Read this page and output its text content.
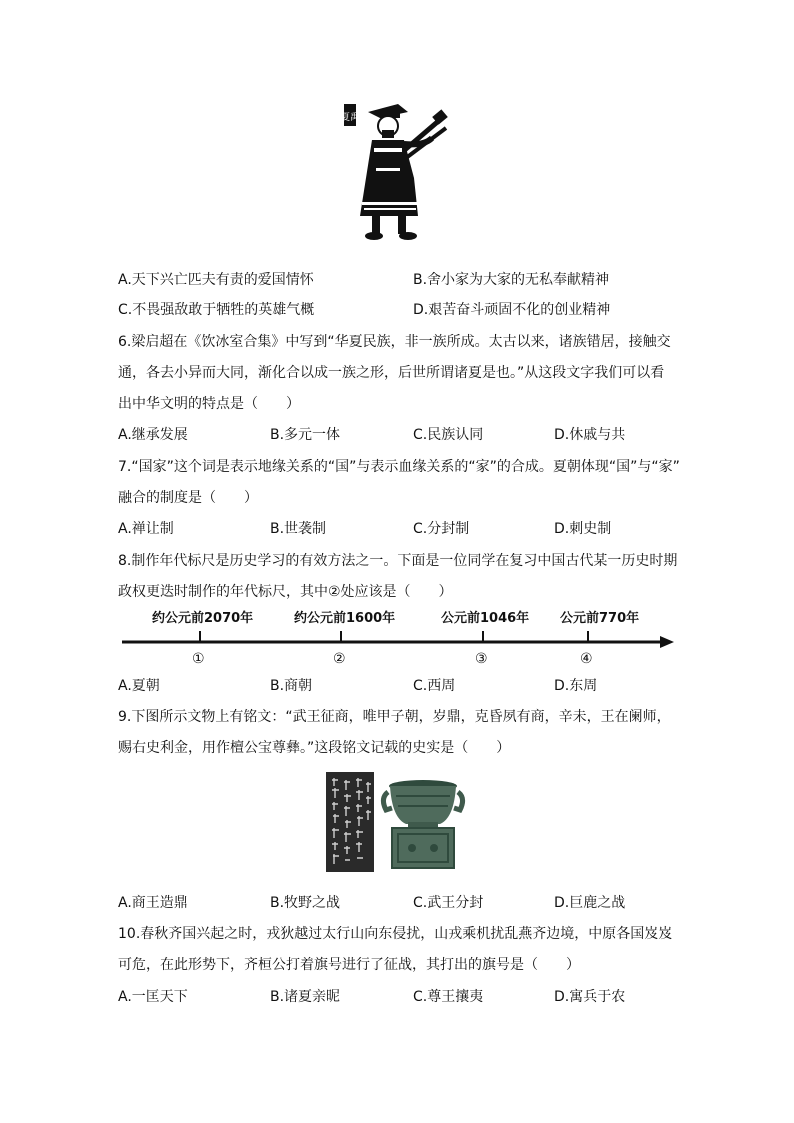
夏禹
A.天下兴亡匹夫有责的爱国情怀	B.舍小家为大家的无私奉献精神
C.不畏强敌敢于牺牲的英雄气概	D.艰苦奋斗顽固不化的创业精神
6.梁启超在《饮冰室合集》中写到“华夏民族，非一族所成。太古以来，诸族错居，接触交
通，各去小异而大同，渐化合以成一族之形，后世所谓诸夏是也。”从这段文字我们可以看
出中华文明的特点是（　　）
A.继承发展	B.多元一体	C.民族认同	D.休戚与共
7.“国家”这个词是表示地缘关系的“国”与表示血缘关系的“家”的合成。夏朝体现“国”与“家”
融合的制度是（　　）
A.禅让制	B.世袭制	C.分封制	D.刺史制
8.制作年代标尺是历史学习的有效方法之一。下面是一位同学在复习中国古代某一历史时期
政权更迭时制作的年代标尺，其中②处应该是（　　）
约公元前2070年	约公元前1600年	公元前1046年 公元前770年
①	②	③	④
A.夏朝	B.商朝	C.西周	D.东周
9.下图所示文物上有铭文：“武王征商，唯甲子朝，岁鼎，克昏夙有商，辛未，王在阑师，
赐右史利金，用作檀公宝尊彝。”这段铭文记载的史实是（　　）
A.商王造鼎	B.牧野之战	C.武王分封	D.巨鹿之战
10.春秋齐国兴起之时，戎狄越过太行山向东侵扰，山戎乘机扰乱燕齐边境，中原各国岌岌
可危，在此形势下，齐桓公打着旗号进行了征战，其打出的旗号是（　　）
A.一匡天下	B.诸夏亲昵	C.尊王攘夷	D.寓兵于农
